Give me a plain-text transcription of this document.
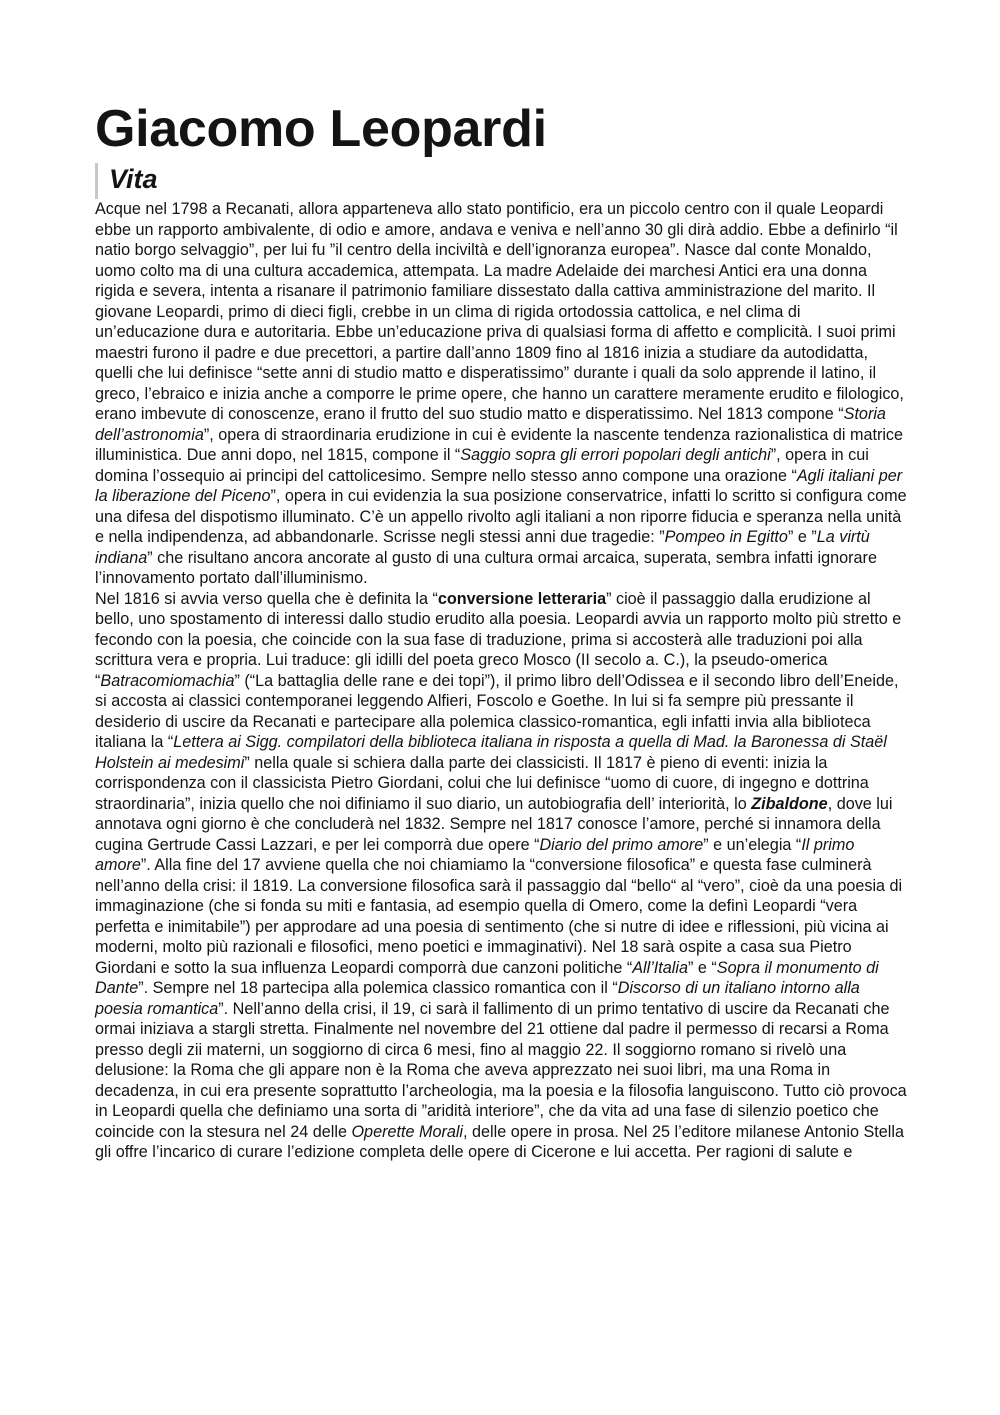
Giacomo Leopardi
Vita

Acque nel 1798 a Recanati, allora apparteneva allo stato pontificio, era un piccolo centro con il quale Leopardi ebbe un rapporto ambivalente, di odio e amore, andava e veniva e nell’anno 30 gli dirà addio. Ebbe a definirlo “il natio borgo selvaggio”, per lui fu ”il centro della inciviltà e dell’ignoranza europea”. Nasce dal conte Monaldo, uomo colto ma di una cultura accademica, attempata. La madre Adelaide dei marchesi Antici era una donna rigida e severa, intenta a risanare il patrimonio familiare dissestato dalla cattiva amministrazione del marito. Il giovane Leopardi, primo di dieci figli, crebbe in un clima di rigida ortodossia cattolica, e nel clima di un’educazione dura e autoritaria. Ebbe un’educazione priva di qualsiasi forma di affetto e complicità. I suoi primi maestri furono il padre e due precettori, a partire dall’anno 1809 fino al 1816 inizia a studiare da autodidatta, quelli che lui definisce “sette anni di studio matto e disperatissimo” durante i quali da solo apprende il latino, il greco, l’ebraico e inizia anche a comporre le prime opere, che hanno un carattere meramente erudito e filologico, erano imbevute di conoscenze, erano il frutto del suo studio matto e disperatissimo. Nel 1813 compone “Storia dell’astronomia”, opera di straordinaria erudizione in cui è evidente la nascente tendenza razionalistica di matrice illuministica. Due anni dopo, nel 1815, compone il “Saggio sopra gli errori popolari degli antichi”, opera in cui domina l’ossequio ai principi del cattolicesimo. Sempre nello stesso anno compone una orazione “Agli italiani per la liberazione del Piceno”, opera in cui evidenzia la sua posizione conservatrice, infatti lo scritto si configura come una difesa del dispotismo illuminato. C’è un appello rivolto agli italiani a non riporre fiducia e speranza nella unità e nella indipendenza, ad abbandonarle. Scrisse negli stessi anni due tragedie: ”Pompeo in Egitto” e ”La virtù indiana” che risultano ancora ancorate al gusto di una cultura ormai arcaica, superata, sembra infatti ignorare l’innovamento portato dall’illuminismo.

Nel 1816 si avvia verso quella che è definita la “conversione letteraria” cioè il passaggio dalla erudizione al bello, uno spostamento di interessi dallo studio erudito alla poesia. Leopardi avvia un rapporto molto più stretto e fecondo con la poesia, che coincide con la sua fase di traduzione, prima si accosterà alle traduzioni poi alla scrittura vera e propria. Lui traduce: gli idilli del poeta greco Mosco (II secolo a. C.), la pseudo-omerica “Batracomiomachia” (“La battaglia delle rane e dei topi”), il primo libro dell’Odissea e il secondo libro dell’Eneide, si accosta ai classici contemporanei leggendo Alfieri, Foscolo e Goethe. In lui si fa sempre più pressante il desiderio di uscire da Recanati e partecipare alla polemica classico-romantica, egli infatti invia alla biblioteca italiana la “Lettera ai Sigg. compilatori della biblioteca italiana in risposta a quella di Mad. la Baronessa di Staël Holstein ai medesimi” nella quale si schiera dalla parte dei classicisti. Il 1817 è pieno di eventi: inizia la corrispondenza con il classicista Pietro Giordani, colui che lui definisce “uomo di cuore, di ingegno e dottrina straordinaria”, inizia quello che noi difiniamo il suo diario, un autobiografia dell’ interiorità, lo Zibaldone, dove lui annotava ogni giorno è che concluderà nel 1832. Sempre nel 1817 conosce l’amore, perché si innamora della cugina Gertrude Cassi Lazzari, e per lei comporrà due opere “Diario del primo amore” e un’elegia “Il primo amore”. Alla fine del 17 avviene quella che noi chiamiamo la “conversione filosofica” e questa fase culminerà nell’anno della crisi: il 1819. La conversione filosofica sarà il passaggio dal “bello“ al “vero”, cioè da una poesia di immaginazione (che si fonda su miti e fantasia, ad esempio quella di Omero, come la definì Leopardi “vera perfetta e inimitabile”) per approdare ad una poesia di sentimento (che si nutre di idee e riflessioni, più vicina ai moderni, molto più razionali e filosofici, meno poetici e immaginativi). Nel 18 sarà ospite a casa sua Pietro Giordani e sotto la sua influenza Leopardi comporrà due canzoni politiche “All’Italia” e “Sopra il monumento di Dante”. Sempre nel 18 partecipa alla polemica classico romantica con il “Discorso di un italiano intorno alla poesia romantica”. Nell’anno della crisi, il 19, ci sarà il fallimento di un primo tentativo di uscire da Recanati che ormai iniziava a stargli stretta. Finalmente nel novembre del 21 ottiene dal padre il permesso di recarsi a Roma presso degli zii materni, un soggiorno di circa 6 mesi, fino al maggio 22. Il soggiorno romano si rivelò una delusione: la Roma che gli appare non è la Roma che aveva apprezzato nei suoi libri, ma una Roma in decadenza, in cui era presente soprattutto l’archeologia, ma la poesia e la filosofia languiscono. Tutto ciò provoca in Leopardi quella che definiamo una sorta di ”aridità interiore”, che da vita ad una fase di silenzio poetico che coincide con la stesura nel 24 delle Operette Morali, delle opere in prosa. Nel 25 l’editore milanese Antonio Stella gli offre l’incarico di curare l’edizione completa delle opere di Cicerone e lui accetta. Per ragioni di salute e
